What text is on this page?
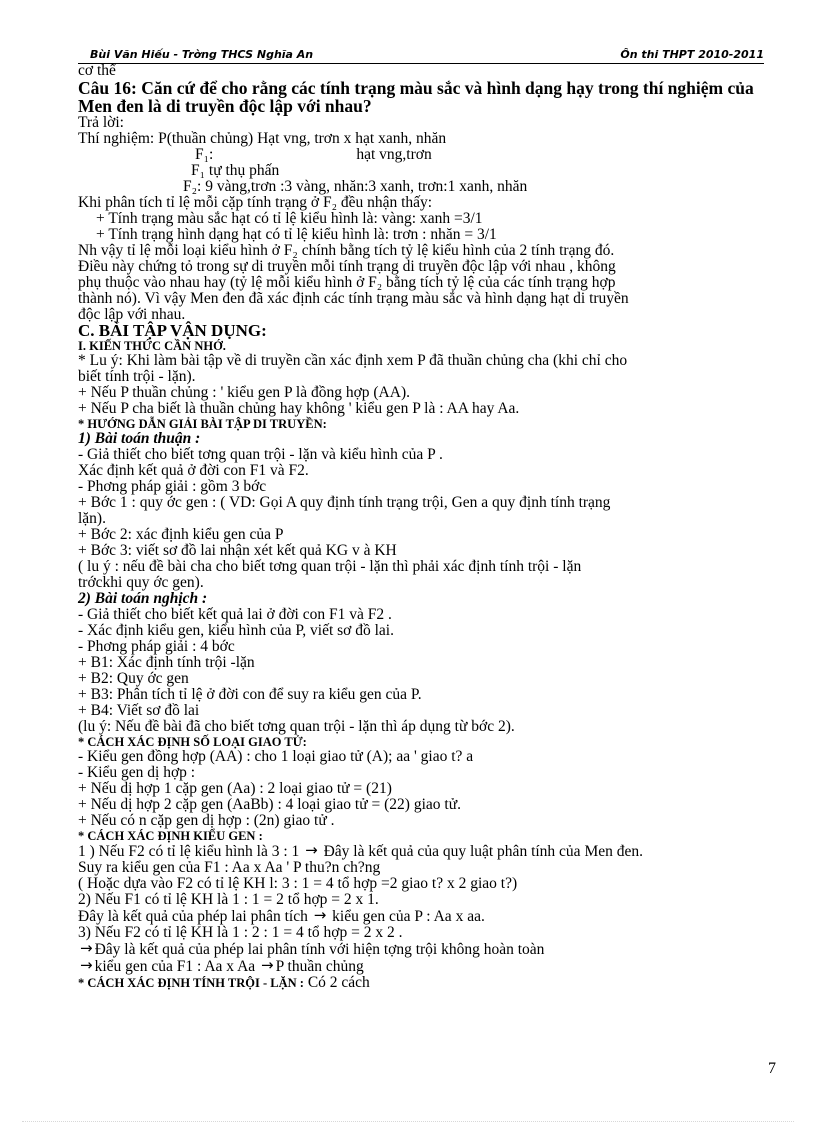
Bùi Văn Hiếu - Trờng THCS Nghĩa An	Ôn thi THPT 2010-2011
cơ thể
Câu 16: Căn cứ để cho rằng các tính trạng màu sắc và hình dạng hạy trong thí nghiệm của Men đen là di truyền độc lập với nhau?
Trả lời:
Thí nghiệm: P(thuần chủng) Hạt vng, trơn x hạt xanh, nhăn
F₁:	hạt vng,trơn
F₁ tự thụ phấn
F₂: 9 vàng,trơn :3 vàng, nhăn:3 xanh, trơn:1 xanh, nhăn
Khi phân tích tỉ lệ mỗi cặp tính trạng ở F₂ đều nhận thấy:
+ Tính trạng màu sắc hạt có tỉ lệ kiểu hình là: vàng: xanh =3/1
+ Tính trạng hình dạng hạt có tỉ lệ kiểu hình là: trơn : nhăn = 3/1
Nh vậy tỉ lệ mỗi loại kiểu hình ở F₂ chính bằng tích tỷ lệ kiểu hình của 2 tính trạng đó.
Điều này chứng tỏ trong sự di truyền mỗi tính trạng di truyền độc lập với nhau , không
phụ thuộc vào nhau hay (tỷ lệ mỗi kiểu hình ở F₂ bằng tích tỷ lệ của các tính trạng hợp
thành nó). Vì vậy Men đen đã xác định các tính trạng màu sắc và hình dạng hạt di truyền
độc lập với nhau.
C. BÀI TẬP VẬN DỤNG:
I. KIẾN THỨC CẦN NHỚ.
* Lu ý: Khi làm bài tập về di truyền cần xác định xem P đã thuần chủng cha (khi chỉ cho
biết tính trội - lặn).
+ Nếu P thuần chủng : ' kiểu gen P là đồng hợp (AA).
+ Nếu P cha biết là thuần chủng hay không ' kiểu gen P là : AA hay Aa.
* HƯỚNG DẪN GIẢI BÀI TẬP DI TRUYỀN:
1) Bài toán thuận :
- Giả thiết cho biết tơng quan trội - lặn và kiểu hình của P .
Xác định kết quả ở đời con F1 và F2.
- Phơng pháp giải : gồm 3 bớc
+ Bớc 1 : quy ớc gen : ( VD: Gọi A quy định tính trạng trội, Gen a quy định tính trạng
lặn).
+ Bớc 2: xác định kiểu gen của P
+ Bớc 3: viết sơ đồ lai nhận xét kết quả KG v à KH
( lu ý : nếu đề bài cha cho biết tơng quan trội - lặn thì phải xác định tính trội - lặn
trớckhi quy ớc gen).
2) Bài toán nghịch :
- Giả thiết cho biết kết quả lai ở đời con F1 và F2 .
- Xác định kiểu gen, kiểu hình của P, viết sơ đồ lai.
- Phơng pháp giải : 4 bớc
+ B1: Xác định tính trội -lặn
+ B2: Quy ớc gen
+ B3: Phân tích tỉ lệ ở đời con để suy ra kiểu gen của P.
+ B4: Viết sơ đồ lai
(lu ý: Nếu đề bài đã cho biết tơng quan trội - lặn thì áp dụng từ bớc 2).
* CÁCH XÁC ĐỊNH SỐ LOẠI GIAO TỬ:
- Kiểu gen đồng hợp (AA) : cho 1 loại giao tử (A); aa ' giao t? a
- Kiểu gen dị hợp :
+ Nếu dị hợp 1 cặp gen (Aa) : 2 loại giao tử = (21)
+ Nếu dị hợp 2 cặp gen (AaBb) : 4 loại giao tử = (22) giao tử.
+ Nếu có n cặp gen dị hợp : (2n) giao tử .
* CÁCH XÁC ĐỊNH KIỂU GEN :
1 ) Nếu F2 có tỉ lệ kiểu hình là 3 : 1 → Đây là kết quả của quy luật phân tính của Men đen.
Suy ra kiểu gen của F1 : Aa x Aa ' P thu?n ch?ng
( Hoặc dựa vào F2 có tỉ lệ KH l: 3 : 1 = 4 tổ hợp =2 giao t? x 2 giao t?)
2) Nếu F1 có tỉ lệ KH là 1 : 1 = 2 tổ hợp = 2 x 1.
Đây là kết quả của phép lai phân tích → kiểu gen của P : Aa x aa.
3) Nếu F2 có tỉ lệ KH là 1 : 2 : 1 = 4 tổ hợp = 2 x 2 .
→ Đây là kết quả của phép lai phân tính với hiện tợng trội không hoàn toàn
→ kiểu gen của F1 : Aa x Aa → P thuần chủng
* CÁCH XÁC ĐỊNH TÍNH TRỘI - LẶN : Có 2 cách
7
